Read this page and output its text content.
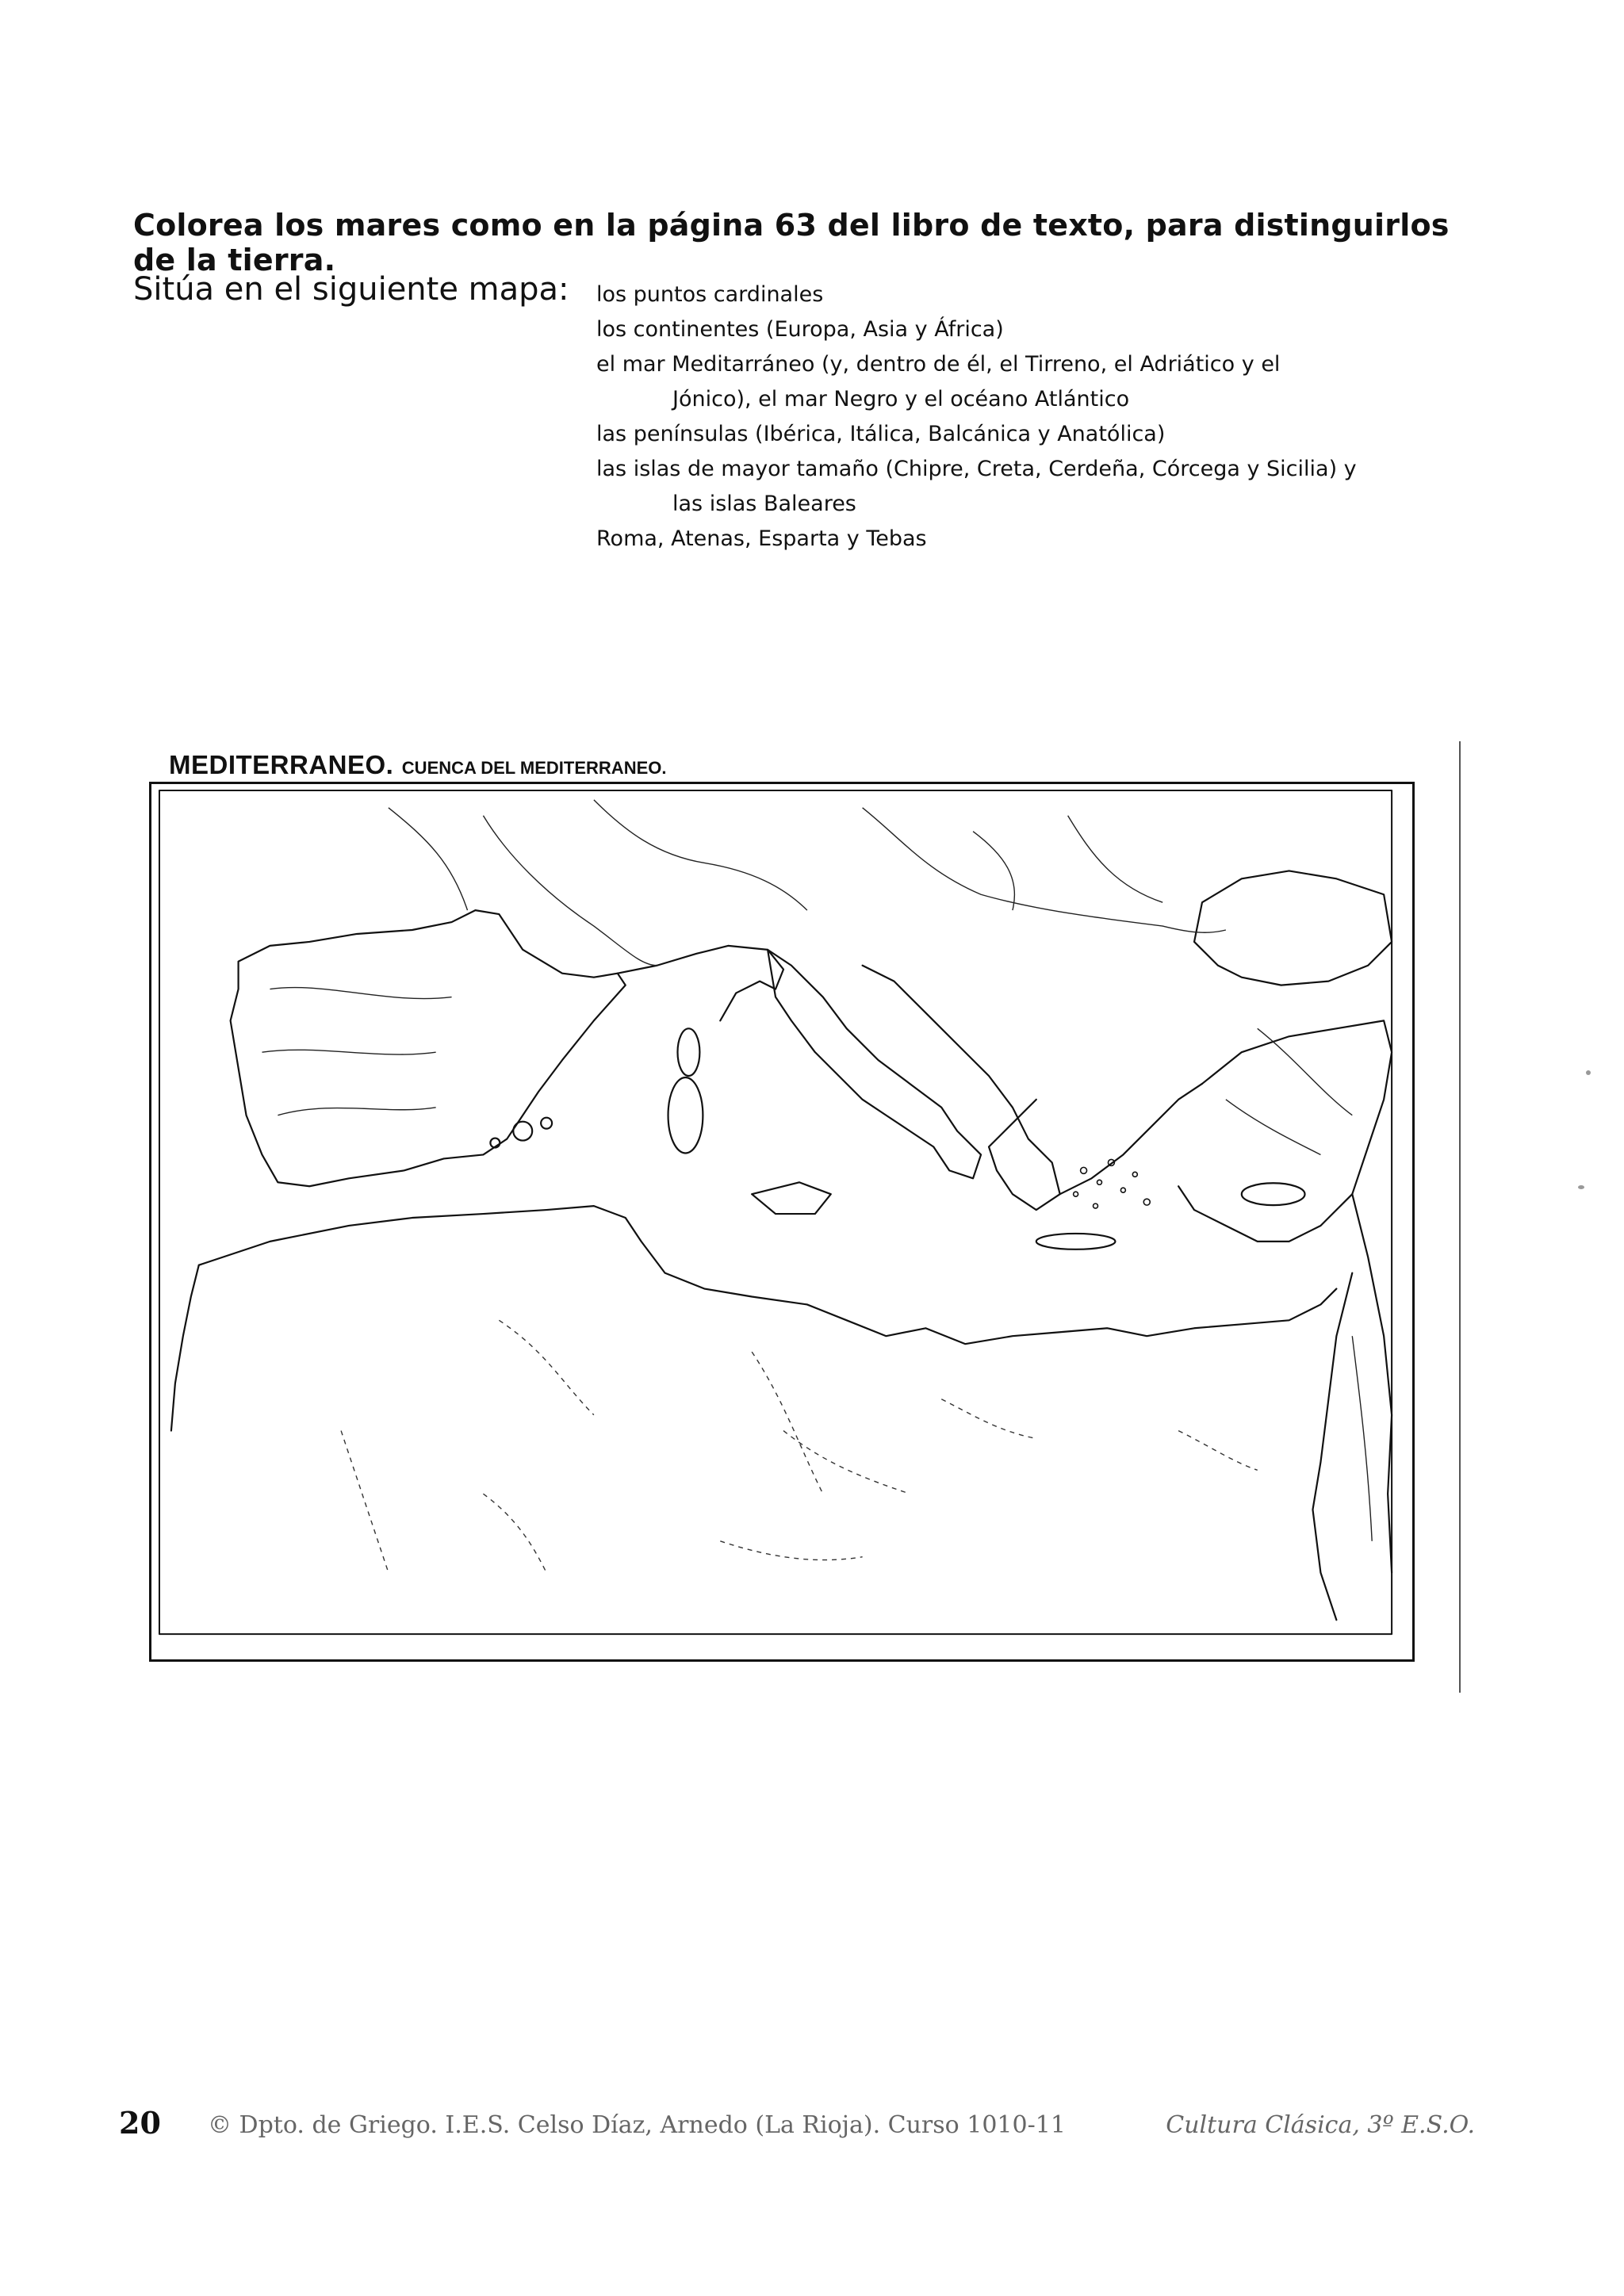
Colorea los mares como en la página 63 del libro de texto, para distinguirlos de la tierra.
Sitúa en el siguiente mapa: los puntos cardinales
los continentes (Europa, Asia y África)
el mar Meditarráneo (y, dentro de él, el Tirreno, el Adriático y el
Jónico), el mar Negro y el océano Atlántico
las penínsulas (Ibérica, Itálica, Balcánica y Anatólica)
las islas de mayor tamaño (Chipre, Creta, Cerdeña, Córcega y Sicilia) y
las islas Baleares
Roma, Atenas, Esparta y Tebas
MEDITERRANEO. CUENCA DEL MEDITERRANEO.
20 © Dpto. de Griego. I.E.S. Celso Díaz, Arnedo (La Rioja). Curso 1010-11	Cultura Clásica, 3º E.S.O.
